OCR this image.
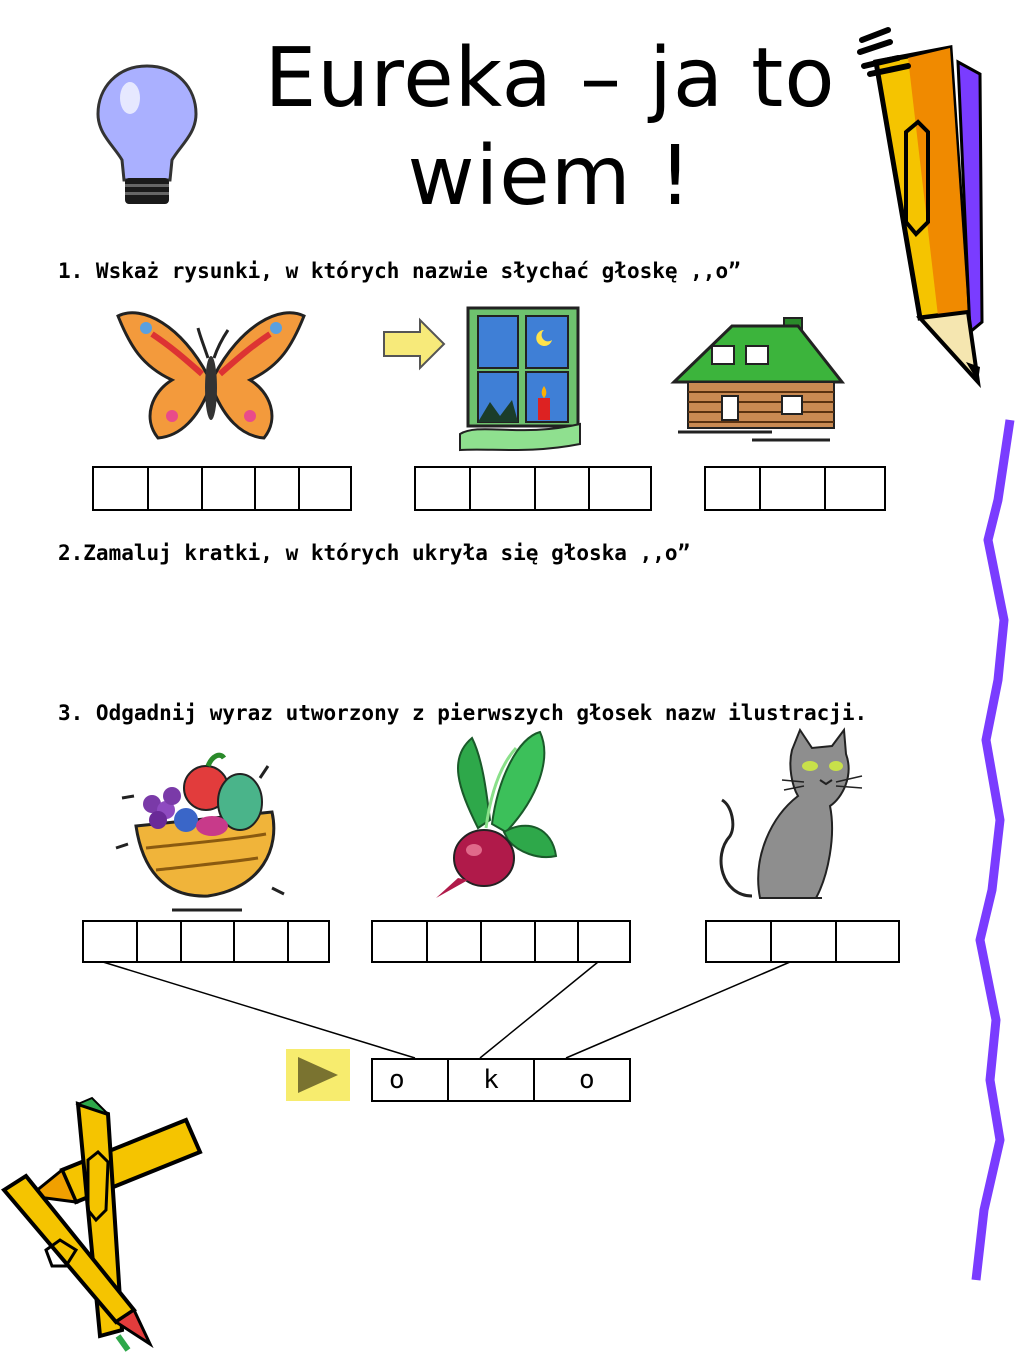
Eureka – ja to
wiem !
1. Wskaż rysunki, w których nazwie słychać głoskę ,,o”
2.Zamaluj kratki, w których ukryła się głoska ,,o”
3. Odgadnij wyraz utworzony z pierwszych głosek nazw ilustracji.
o	k	o
